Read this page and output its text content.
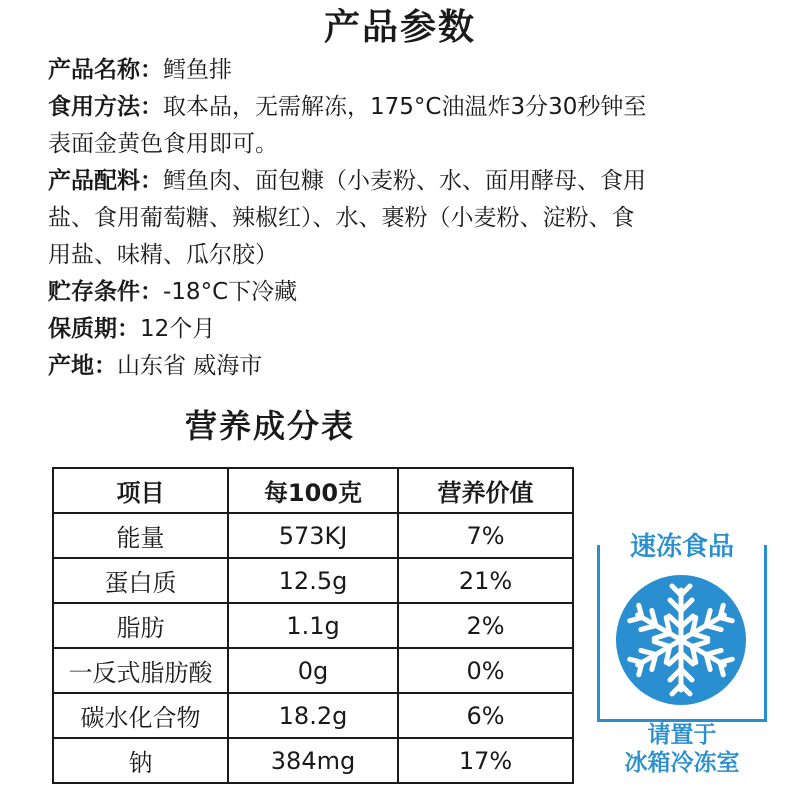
产品参数
产品名称：鳕鱼排
食用方法：取本品，无需解冻，175°C油温炸3分30秒钟至
表面金黄色食用即可。
产品配料：鳕鱼肉、面包糠（小麦粉、水、面用酵母、食用
盐、食用葡萄糖、辣椒红）、水、裹粉（小麦粉、淀粉、食
用盐、味精、瓜尔胶）
贮存条件：-18°C下冷藏
保质期：12个月
产地：山东省 威海市
营养成分表
项目	每100克	营养价值
能量	573KJ	7%
蛋白质	12.5g	21%
脂肪	1.1g	2%
一反式脂肪酸	0g	0%
碳水化合物	18.2g	6%
钠	384mg	17%
速冻食品
请置于
冰箱冷冻室
